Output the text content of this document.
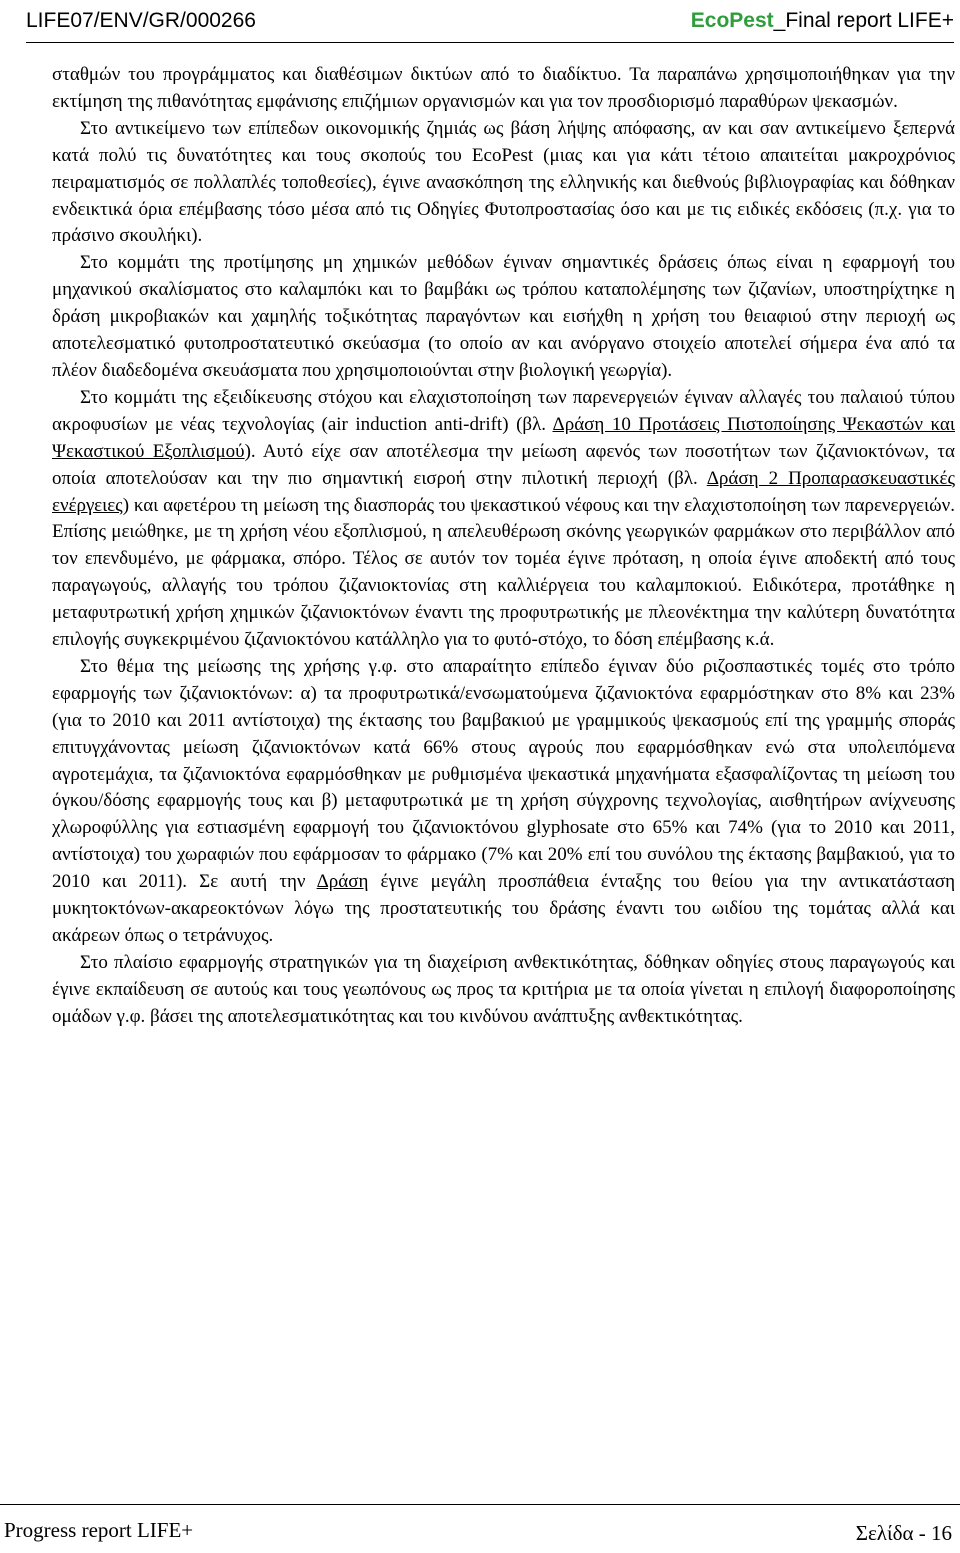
LIFE07/ENV/GR/000266	EcoPest_Final report LIFE+

σταθμών του προγράμματος και διαθέσιμων δικτύων από το διαδίκτυο. Τα παραπάνω χρησιμοποιήθηκαν για την εκτίμηση της πιθανότητας εμφάνισης επιζήμιων οργανισμών και για τον προσδιορισμό παραθύρων ψεκασμών.

Στο αντικείμενο των επίπεδων οικονομικής ζημιάς ως βάση λήψης απόφασης, αν και σαν αντικείμενο ξεπερνά κατά πολύ τις δυνατότητες και τους σκοπούς του EcoPest (μιας και για κάτι τέτοιο απαιτείται μακροχρόνιος πειραματισμός σε πολλαπλές τοποθεσίες), έγινε ανασκόπηση της ελληνικής και διεθνούς βιβλιογραφίας και δόθηκαν ενδεικτικά όρια επέμβασης τόσο μέσα από τις Οδηγίες Φυτοπροστασίας όσο και με τις ειδικές εκδόσεις (π.χ. για το πράσινο σκουλήκι).

Στο κομμάτι της προτίμησης μη χημικών μεθόδων έγιναν σημαντικές δράσεις όπως είναι η εφαρμογή του μηχανικού σκαλίσματος στο καλαμπόκι και το βαμβάκι ως τρόπου καταπολέμησης των ζιζανίων, υποστηρίχτηκε η δράση μικροβιακών και χαμηλής τοξικότητας παραγόντων και εισήχθη η χρήση του θειαφιού στην περιοχή ως αποτελεσματικό φυτοπροστατευτικό σκεύασμα (το οποίο αν και ανόργανο στοιχείο αποτελεί σήμερα ένα από τα πλέον διαδεδομένα σκευάσματα που χρησιμοποιούνται στην βιολογική γεωργία).

Στο κομμάτι της εξειδίκευσης στόχου και ελαχιστοποίηση των παρενεργειών έγιναν αλλαγές του παλαιού τύπου ακροφυσίων με νέας τεχνολογίας (air induction anti-drift) (βλ. Δράση 10 Προτάσεις Πιστοποίησης Ψεκαστών και Ψεκαστικού Εξοπλισμού). Αυτό είχε σαν αποτέλεσμα την μείωση αφενός των ποσοτήτων των ζιζανιοκτόνων, τα οποία αποτελούσαν και την πιο σημαντική εισροή στην πιλοτική περιοχή (βλ. Δράση 2 Προπαρασκευαστικές ενέργειες) και αφετέρου τη μείωση της διασποράς του ψεκαστικού νέφους και την ελαχιστοποίηση των παρενεργειών. Επίσης μειώθηκε, με τη χρήση νέου εξοπλισμού, η απελευθέρωση σκόνης γεωργικών φαρμάκων στο περιβάλλον από τον επενδυμένο, με φάρμακα, σπόρο. Τέλος σε αυτόν τον τομέα έγινε πρόταση, η οποία έγινε αποδεκτή από τους παραγωγούς, αλλαγής του τρόπου ζιζανιοκτονίας στη καλλιέργεια του καλαμποκιού. Ειδικότερα, προτάθηκε η μεταφυτρωτική χρήση χημικών ζιζανιοκτόνων έναντι της προφυτρωτικής με πλεονέκτημα την καλύτερη δυνατότητα επιλογής συγκεκριμένου ζιζανιοκτόνου κατάλληλο για το φυτό-στόχο, το δόση επέμβασης κ.ά.

Στο θέμα της μείωσης της χρήσης γ.φ. στο απαραίτητο επίπεδο έγιναν δύο ριζοσπαστικές τομές στο τρόπο εφαρμογής των ζιζανιοκτόνων: α) τα προφυτρωτικά/ενσωματούμενα ζιζανιοκτόνα εφαρμόστηκαν στο 8% και 23% (για το 2010 και 2011 αντίστοιχα) της έκτασης του βαμβακιού με γραμμικούς ψεκασμούς επί της γραμμής σποράς επιτυγχάνοντας μείωση ζιζανιοκτόνων κατά 66% στους αγρούς που εφαρμόσθηκαν ενώ στα υπολειπόμενα αγροτεμάχια, τα ζιζανιοκτόνα εφαρμόσθηκαν με ρυθμισμένα ψεκαστικά μηχανήματα εξασφαλίζοντας τη μείωση του όγκου/δόσης εφαρμογής τους και β) μεταφυτρωτικά με τη χρήση σύγχρονης τεχνολογίας, αισθητήρων ανίχνευσης χλωροφύλλης για εστιασμένη εφαρμογή του ζιζανιοκτόνου glyphosate στο 65% και 74% (για το 2010 και 2011, αντίστοιχα) του χωραφιών που εφάρμοσαν το φάρμακο (7% και 20% επί του συνόλου της έκτασης βαμβακιού, για το 2010 και 2011). Σε αυτή την Δράση έγινε μεγάλη προσπάθεια ένταξης του θείου για την αντικατάσταση μυκητοκτόνων-ακαρεοκτόνων λόγω της προστατευτικής του δράσης έναντι του ωιδίου της τομάτας αλλά και ακάρεων όπως ο τετράνυχος.

Στο πλαίσιο εφαρμογής στρατηγικών για τη διαχείριση ανθεκτικότητας, δόθηκαν οδηγίες στους παραγωγούς και έγινε εκπαίδευση σε αυτούς και τους γεωπόνους ως προς τα κριτήρια με τα οποία γίνεται η επιλογή διαφοροποίησης ομάδων γ.φ. βάσει της αποτελεσματικότητας και του κινδύνου ανάπτυξης ανθεκτικότητας.

Progress report LIFE+	Σελίδα - 16
